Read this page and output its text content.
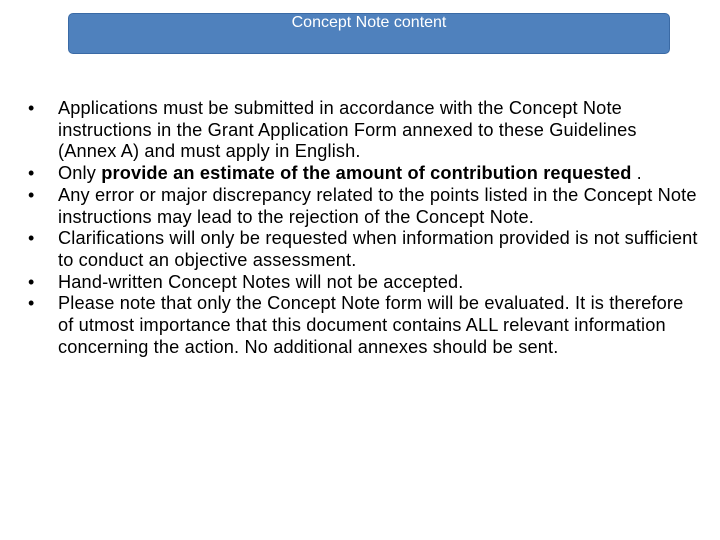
Concept Note content
•	Applications must be submitted in accordance with the Concept Note instructions in the Grant Application Form annexed to these Guidelines (Annex A) and must apply in English.
•	Only provide an estimate of the amount of contribution requested .
•	Any error or major discrepancy related to the points listed in the Concept Note instructions may lead to the rejection of the Concept Note.
•	Clarifications will only be requested when information provided is not sufficient to conduct an objective assessment.
•	Hand-written Concept Notes will not be accepted.
•	Please note that only the Concept Note form will be evaluated. It is therefore of utmost importance that this document contains ALL relevant information concerning the action. No additional annexes should be sent.
